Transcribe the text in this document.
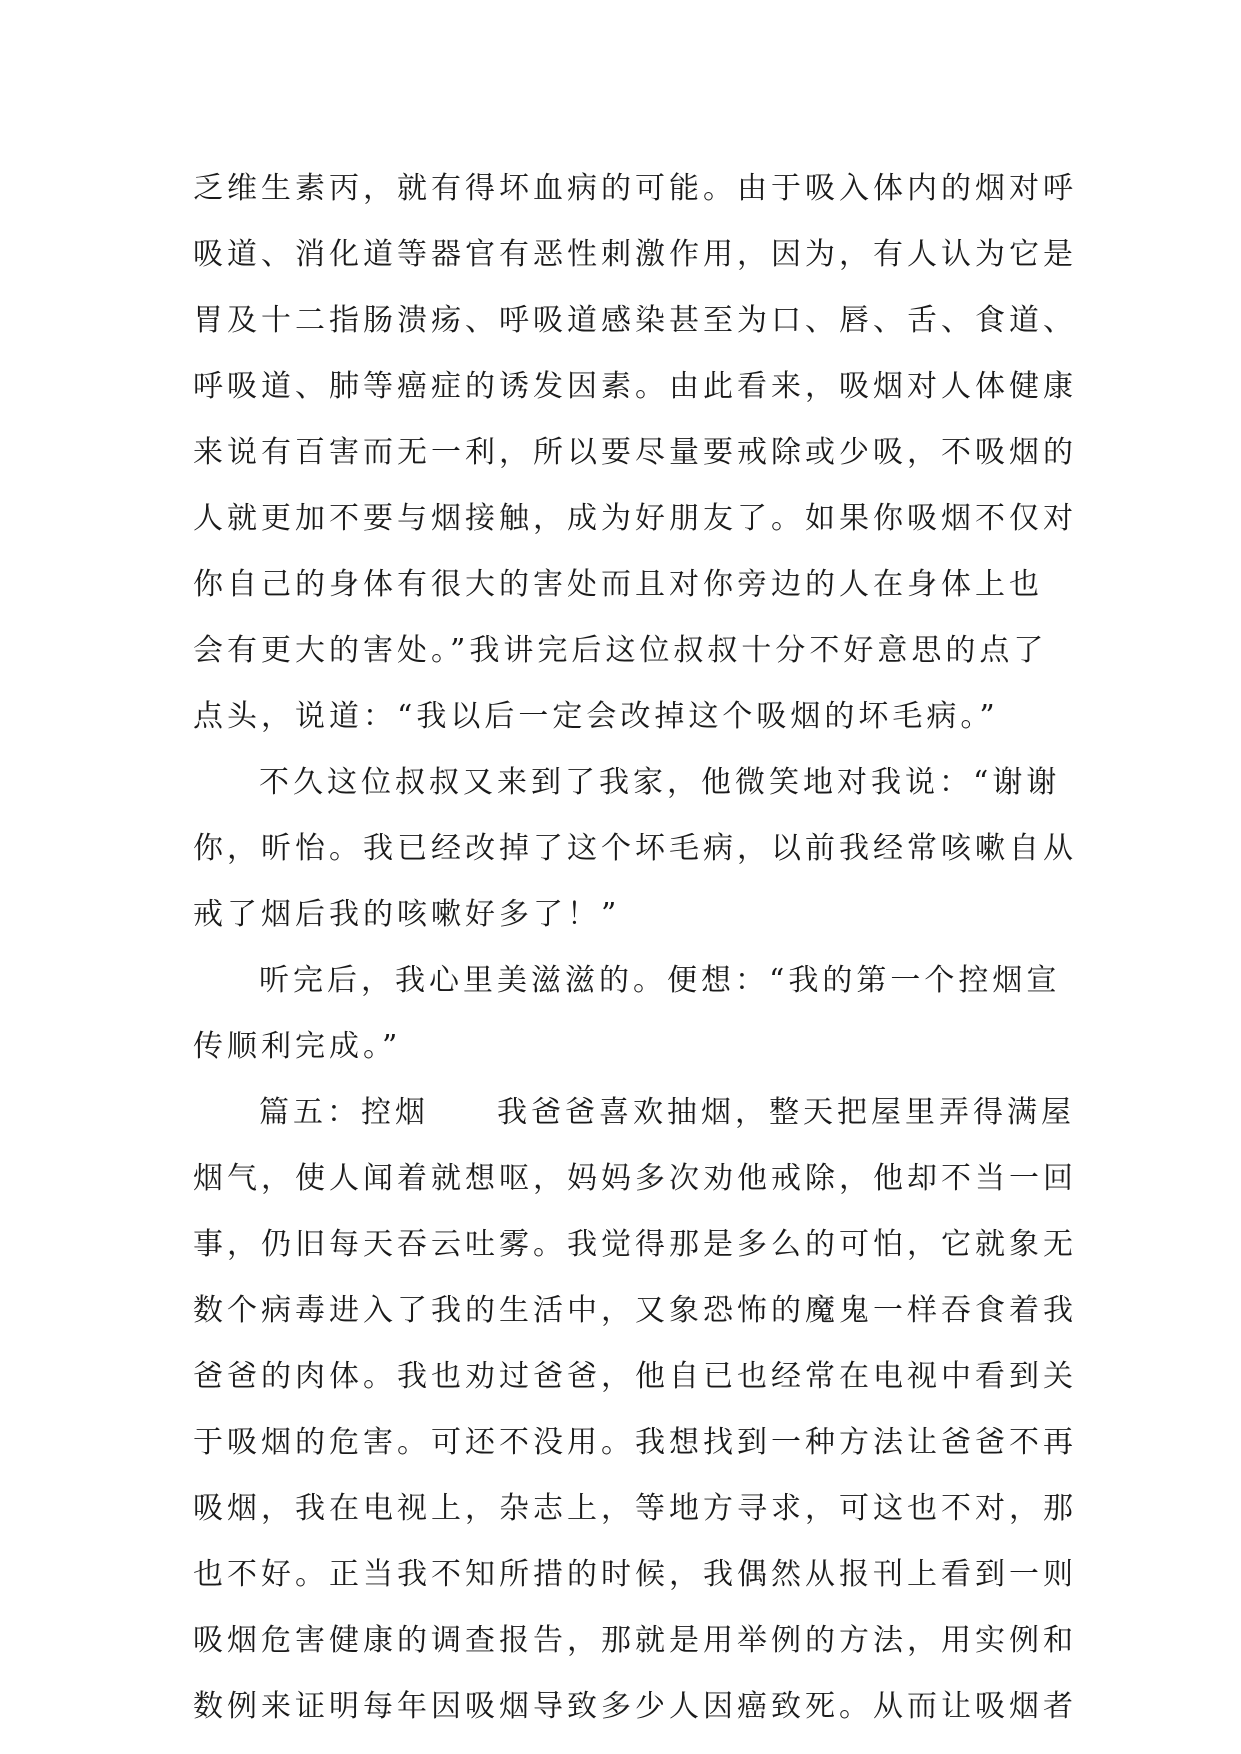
乏维生素丙，就有得坏血病的可能。由于吸入体内的烟对呼
吸道、消化道等器官有恶性刺激作用，因为，有人认为它是
胃及十二指肠溃疡、呼吸道感染甚至为口、唇、舌、食道、
呼吸道、肺等癌症的诱发因素。由此看来，吸烟对人体健康
来说有百害而无一利，所以要尽量要戒除或少吸，不吸烟的
人就更加不要与烟接触，成为好朋友了。如果你吸烟不仅对
你自己的身体有很大的害处而且对你旁边的人在身体上也
会有更大的害处。”我讲完后这位叔叔十分不好意思的点了
点头，说道：“我以后一定会改掉这个吸烟的坏毛病。”
不久这位叔叔又来到了我家，他微笑地对我说：“谢谢
你，昕怡。我已经改掉了这个坏毛病，以前我经常咳嗽自从
戒了烟后我的咳嗽好多了！”
听完后，我心里美滋滋的。便想：“我的第一个控烟宣
传顺利完成。”
篇五：控烟　　我爸爸喜欢抽烟，整天把屋里弄得满屋
烟气，使人闻着就想呕，妈妈多次劝他戒除，他却不当一回
事，仍旧每天吞云吐雾。我觉得那是多么的可怕，它就象无
数个病毒进入了我的生活中，又象恐怖的魔鬼一样吞食着我
爸爸的肉体。我也劝过爸爸，他自已也经常在电视中看到关
于吸烟的危害。可还不没用。我想找到一种方法让爸爸不再
吸烟，我在电视上，杂志上，等地方寻求，可这也不对，那
也不好。正当我不知所措的时候，我偶然从报刊上看到一则
吸烟危害健康的调查报告，那就是用举例的方法，用实例和
数例来证明每年因吸烟导致多少人因癌致死。从而让吸烟者
